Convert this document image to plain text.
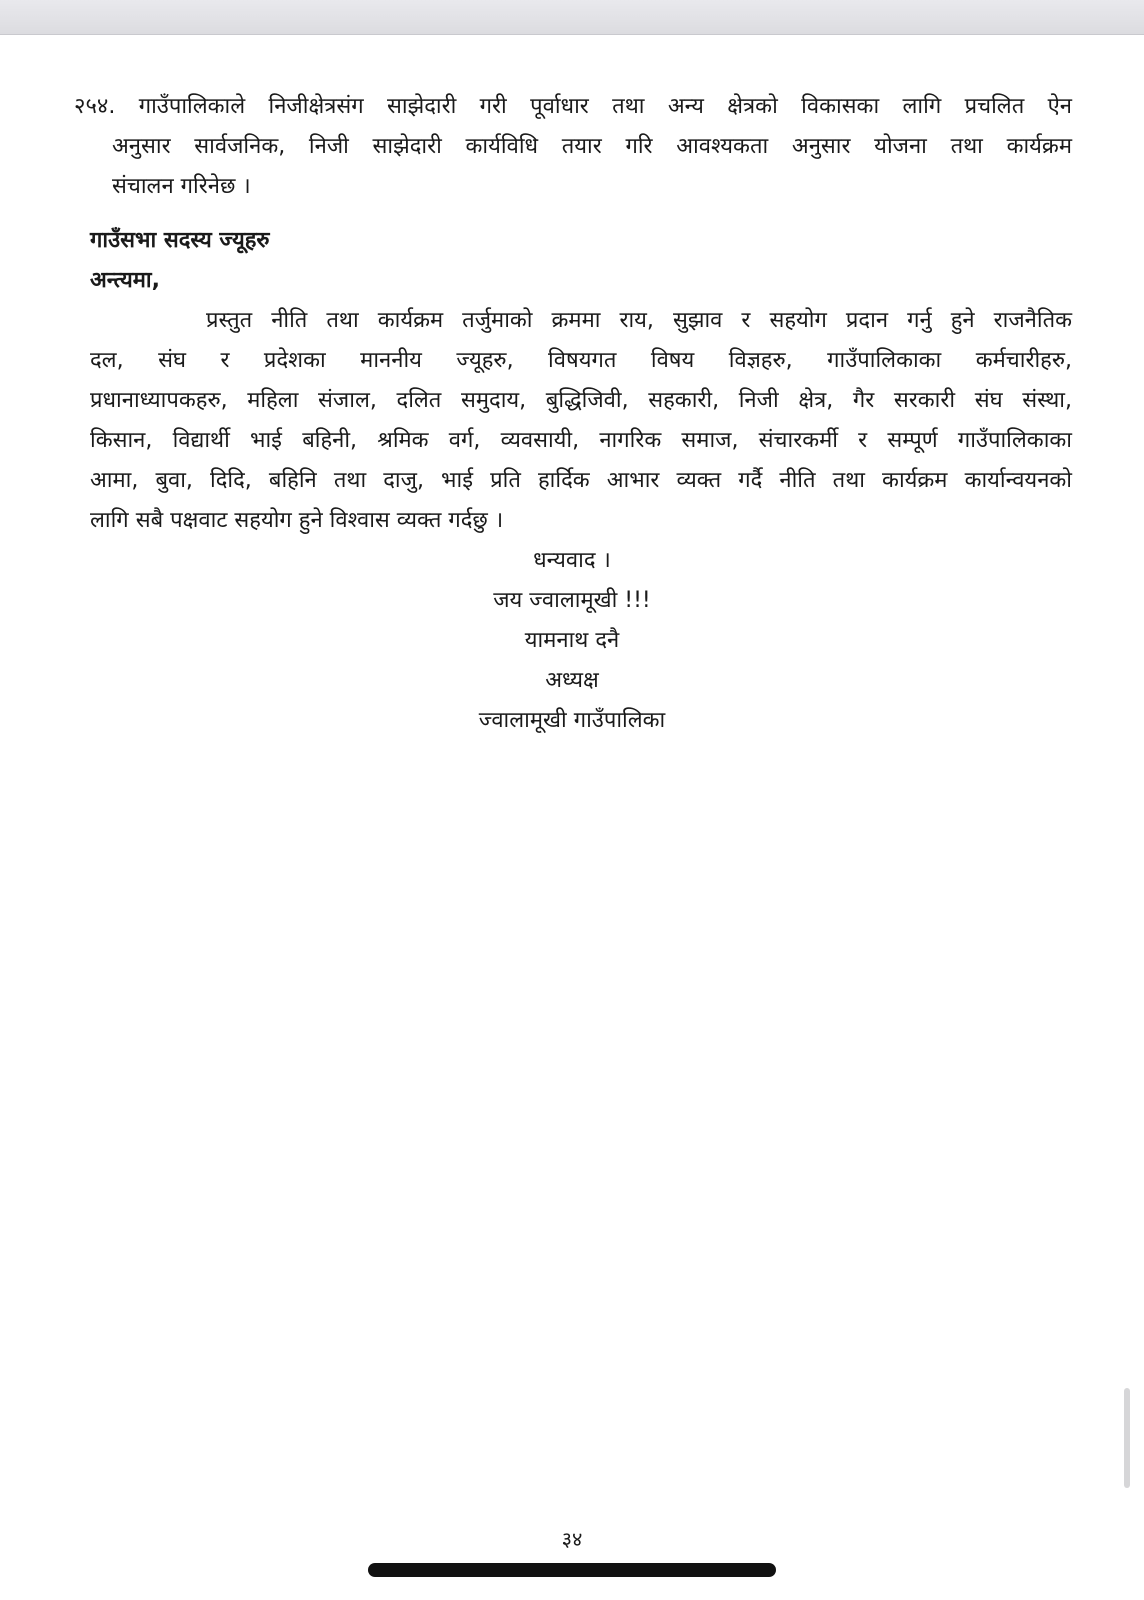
२५४. गाउँपालिकाले निजीक्षेत्रसंग साझेदारी गरी पूर्वाधार तथा अन्य क्षेत्रको विकासका लागि प्रचलित ऐन
अनुसार सार्वजनिक, निजी साझेदारी कार्यविधि तयार गरि आवश्यकता अनुसार योजना तथा कार्यक्रम
संचालन गरिनेछ ।
गाउँसभा सदस्य ज्यूहरु
अन्त्यमा,
प्रस्तुत नीति तथा कार्यक्रम तर्जुमाको क्रममा राय, सुझाव र सहयोग प्रदान गर्नु हुने राजनैतिक
दल, संघ र प्रदेशका माननीय ज्यूहरु, विषयगत विषय विज्ञहरु, गाउँपालिकाका कर्मचारीहरु,
प्रधानाध्यापकहरु, महिला संजाल, दलित समुदाय, बुद्धिजिवी, सहकारी, निजी क्षेत्र, गैर सरकारी संघ संस्था,
किसान, विद्यार्थी भाई बहिनी, श्रमिक वर्ग, व्यवसायी, नागरिक समाज, संचारकर्मी र सम्पूर्ण गाउँपालिकाका
आमा, बुवा, दिदि, बहिनि तथा दाजु, भाई प्रति हार्दिक आभार व्यक्त गर्दै नीति तथा कार्यक्रम कार्यान्वयनको
लागि सबै पक्षवाट सहयोग हुने विश्वास व्यक्त गर्दछु ।
धन्यवाद ।
जय ज्वालामूखी !!!
यामनाथ दनै
अध्यक्ष
ज्वालामूखी गाउँपालिका
३४
